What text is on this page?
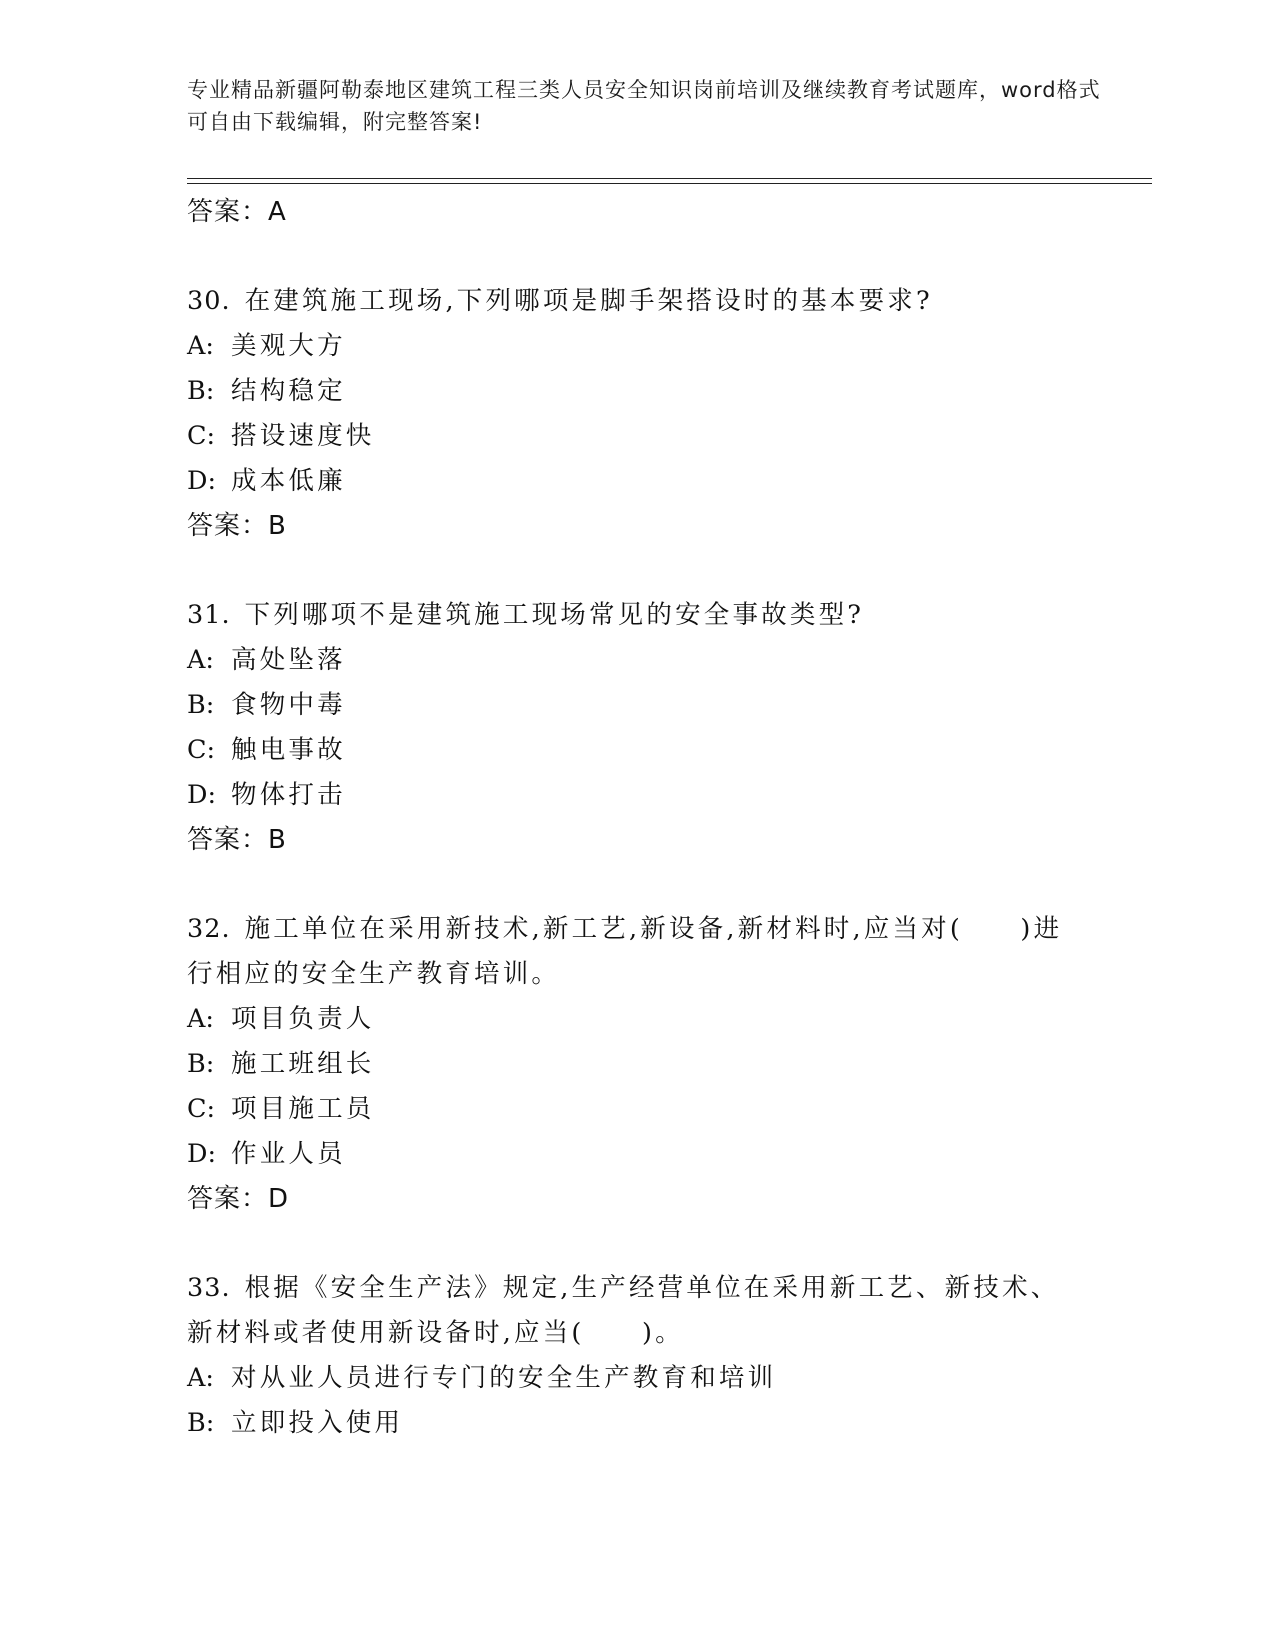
专业精品新疆阿勒泰地区建筑工程三类人员安全知识岗前培训及继续教育考试题库，word格式可自由下载编辑，附完整答案!
答案：A
30. 在建筑施工现场,下列哪项是脚手架搭设时的基本要求?
A: 美观大方
B: 结构稳定
C: 搭设速度快
D: 成本低廉
答案：B
31. 下列哪项不是建筑施工现场常见的安全事故类型?
A: 高处坠落
B: 食物中毒
C: 触电事故
D: 物体打击
答案：B
32. 施工单位在采用新技术,新工艺,新设备,新材料时,应当对(　　)进行相应的安全生产教育培训。
A: 项目负责人
B: 施工班组长
C: 项目施工员
D: 作业人员
答案：D
33. 根据《安全生产法》规定,生产经营单位在采用新工艺、新技术、新材料或者使用新设备时,应当(　　)。
A: 对从业人员进行专门的安全生产教育和培训
B: 立即投入使用
